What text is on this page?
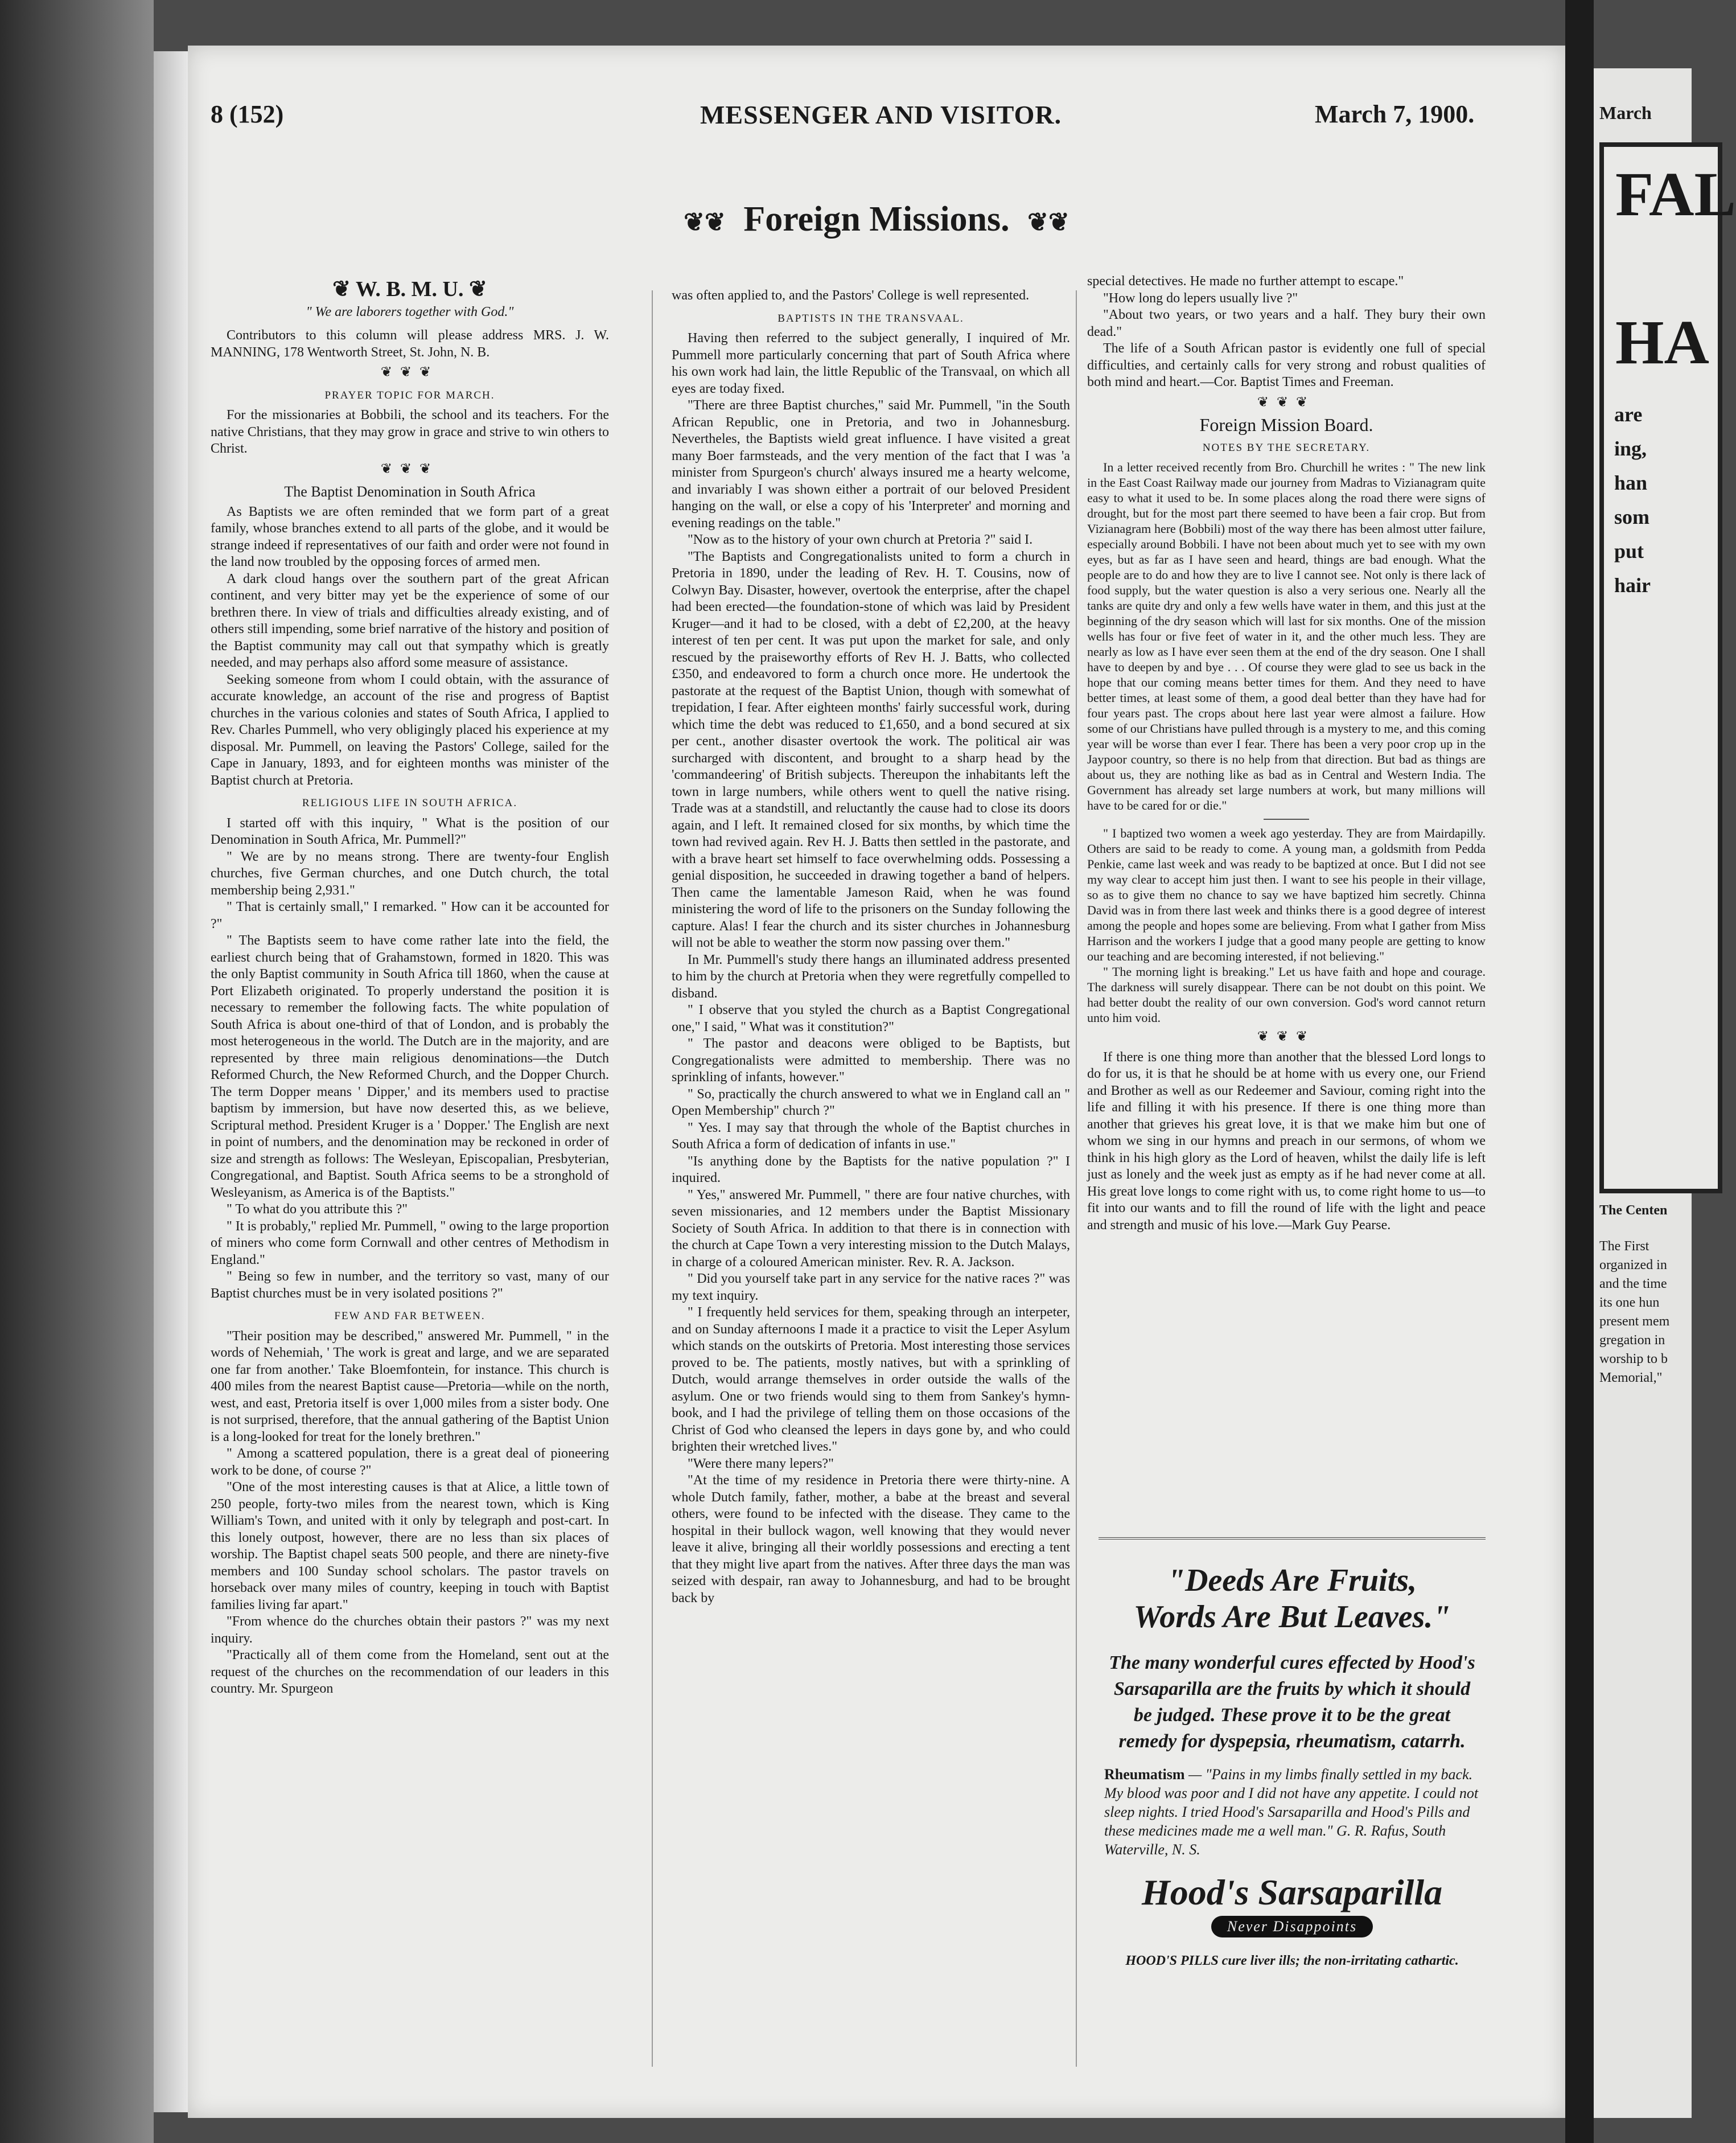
8 (152)	MESSENGER AND VISITOR.	March 7, 1900.
❦❦ Foreign Missions. ❦❦
❦ W. B. M. U. ❦
" We are laborers together with God."

Contributors to this column will please address MRS. J. W. MANNING, 178 Wentworth Street, St. John, N. B.

❦❦❦
PRAYER TOPIC FOR MARCH.

For the missionaries at Bobbili, the school and its teachers. For the native Christians, that they may grow in grace and strive to win others to Christ.

❦❦❦
The Baptist Denomination in South Africa

As Baptists we are often reminded that we form part of a great family, whose branches extend to all parts of the globe, and it would be strange indeed if representatives of our faith and order were not found in the land now troubled by the opposing forces of armed men.

A dark cloud hangs over the southern part of the great African continent, and very bitter may yet be the experience of some of our brethren there. In view of trials and difficulties already existing, and of others still impending, some brief narrative of the history and position of the Baptist community may call out that sympathy which is greatly needed, and may perhaps also afford some measure of assistance.

Seeking someone from whom I could obtain, with the assurance of accurate knowledge, an account of the rise and progress of Baptist churches in the various colonies and states of South Africa, I applied to Rev. Charles Pummell, who very obligingly placed his experience at my disposal. Mr. Pummell, on leaving the Pastors' College, sailed for the Cape in January, 1893, and for eighteen months was minister of the Baptist church at Pretoria.

RELIGIOUS LIFE IN SOUTH AFRICA.

I started off with this inquiry, " What is the position of our Denomination in South Africa, Mr. Pummell?"

" We are by no means strong. There are twenty-four English churches, five German churches, and one Dutch church, the total membership being 2,931."

" That is certainly small," I remarked. " How can it be accounted for ?"

" The Baptists seem to have come rather late into the field, the earliest church being that of Grahamstown, formed in 1820. This was the only Baptist community in South Africa till 1860, when the cause at Port Elizabeth originated. To properly understand the position it is necessary to remember the following facts. The white population of South Africa is about one-third of that of London, and is probably the most heterogeneous in the world. The Dutch are in the majority, and are represented by three main religious denominations—the Dutch Reformed Church, the New Reformed Church, and the Dopper Church. The term Dopper means ' Dipper,' and its members used to practise baptism by immersion, but have now deserted this, as we believe, Scriptural method. President Kruger is a ' Dopper.' The English are next in point of numbers, and the denomination may be reckoned in order of size and strength as follows: The Wesleyan, Episcopalian, Presbyterian, Congregational, and Baptist. South Africa seems to be a stronghold of Wesleyanism, as America is of the Baptists."

" To what do you attribute this ?"

" It is probably," replied Mr. Pummell, " owing to the large proportion of miners who come form Cornwall and other centres of Methodism in England."

" Being so few in number, and the territory so vast, many of our Baptist churches must be in very isolated positions ?"

FEW AND FAR BETWEEN.

"Their position may be described," answered Mr. Pummell, " in the words of Nehemiah, ' The work is great and large, and we are separated one far from another.' Take Bloemfontein, for instance. This church is 400 miles from the nearest Baptist cause—Pretoria—while on the north, west, and east, Pretoria itself is over 1,000 miles from a sister body. One is not surprised, therefore, that the annual gathering of the Baptist Union is a long-looked for treat for the lonely brethren."

" Among a scattered population, there is a great deal of pioneering work to be done, of course ?"

"One of the most interesting causes is that at Alice, a little town of 250 people, forty-two miles from the nearest town, which is King William's Town, and united with it only by telegraph and post-cart. In this lonely outpost, however, there are no less than six places of worship. The Baptist chapel seats 500 people, and there are ninety-five members and 100 Sunday school scholars. The pastor travels on horseback over many miles of country, keeping in touch with Baptist families living far apart."

"From whence do the churches obtain their pastors ?" was my next inquiry.

"Practically all of them come from the Homeland, sent out at the request of the churches on the recommendation of our leaders in this country. Mr. Spurgeon

was often applied to, and the Pastors' College is well represented.

BAPTISTS IN THE TRANSVAAL.

Having then referred to the subject generally, I inquired of Mr. Pummell more particularly concerning that part of South Africa where his own work had lain, the little Republic of the Transvaal, on which all eyes are today fixed.

"There are three Baptist churches," said Mr. Pummell, "in the South African Republic, one in Pretoria, and two in Johannesburg. Nevertheles, the Baptists wield great influence. I have visited a great many Boer farmsteads, and the very mention of the fact that I was 'a minister from Spurgeon's church' always insured me a hearty welcome, and invariably I was shown either a portrait of our beloved President hanging on the wall, or else a copy of his 'Interpreter' and morning and evening readings on the table."

"Now as to the history of your own church at Pretoria ?" said I.

"The Baptists and Congregationalists united to form a church in Pretoria in 1890, under the leading of Rev. H. T. Cousins, now of Colwyn Bay. Disaster, however, overtook the enterprise, after the chapel had been erected—the foundation-stone of which was laid by President Kruger—and it had to be closed, with a debt of £2,200, at the heavy interest of ten per cent. It was put upon the market for sale, and only rescued by the praiseworthy efforts of Rev H. J. Batts, who collected £350, and endeavored to form a church once more. He undertook the pastorate at the request of the Baptist Union, though with somewhat of trepidation, I fear. After eighteen months' fairly successful work, during which time the debt was reduced to £1,650, and a bond secured at six per cent., another disaster overtook the work. The political air was surcharged with discontent, and brought to a sharp head by the 'commandeering' of British subjects. Thereupon the inhabitants left the town in large numbers, while others went to quell the native rising. Trade was at a standstill, and reluctantly the cause had to close its doors again, and I left. It remained closed for six months, by which time the town had revived again. Rev H. J. Batts then settled in the pastorate, and with a brave heart set himself to face overwhelming odds. Possessing a genial disposition, he succeeded in drawing together a band of helpers. Then came the lamentable Jameson Raid, when he was found ministering the word of life to the prisoners on the Sunday following the capture. Alas! I fear the church and its sister churches in Johannesburg will not be able to weather the storm now passing over them."

In Mr. Pummell's study there hangs an illuminated address presented to him by the church at Pretoria when they were regretfully compelled to disband.

" I observe that you styled the church as a Baptist Congregational one," I said, " What was it constitution?"

" The pastor and deacons were obliged to be Baptists, but Congregationalists were admitted to membership. There was no sprinkling of infants, however."

" So, practically the church answered to what we in England call an " Open Membership" church ?"

" Yes. I may say that through the whole of the Baptist churches in South Africa a form of dedication of infants in use."

"Is anything done by the Baptists for the native population ?" I inquired.

" Yes," answered Mr. Pummell, " there are four native churches, with seven missionaries, and 12 members under the Baptist Missionary Society of South Africa. In addition to that there is in connection with the church at Cape Town a very interesting mission to the Dutch Malays, in charge of a coloured American minister. Rev. R. A. Jackson.

" Did you yourself take part in any service for the native races ?" was my text inquiry.

" I frequently held services for them, speaking through an interpeter, and on Sunday afternoons I made it a practice to visit the Leper Asylum which stands on the outskirts of Pretoria. Most interesting those services proved to be. The patients, mostly natives, but with a sprinkling of Dutch, would arrange themselves in order outside the walls of the asylum. One or two friends would sing to them from Sankey's hymn-book, and I had the privilege of telling them on those occasions of the Christ of God who cleansed the lepers in days gone by, and who could brighten their wretched lives."

"Were there many lepers?"

"At the time of my residence in Pretoria there were thirty-nine. A whole Dutch family, father, mother, a babe at the breast and several others, were found to be infected with the disease. They came to the hospital in their bullock wagon, well knowing that they would never leave it alive, bringing all their worldly possessions and erecting a tent that they might live apart from the natives. After three days the man was seized with despair, ran away to Johannesburg, and had to be brought back by

special detectives. He made no further attempt to escape."

"How long do lepers usually live ?"

"About two years, or two years and a half. They bury their own dead."

The life of a South African pastor is evidently one full of special difficulties, and certainly calls for very strong and robust qualities of both mind and heart.—Cor. Baptist Times and Freeman.

❦❦❦
Foreign Mission Board.
NOTES BY THE SECRETARY.

In a letter received recently from Bro. Churchill he writes : " The new link in the East Coast Railway made our journey from Madras to Vizianagram quite easy to what it used to be. In some places along the road there were signs of drought, but for the most part there seemed to have been a fair crop. But from Vizianagram here (Bobbili) most of the way there has been almost utter failure, especially around Bobbili. I have not been about much yet to see with my own eyes, but as far as I have seen and heard, things are bad enough. What the people are to do and how they are to live I cannot see. Not only is there lack of food supply, but the water question is also a very serious one. Nearly all the tanks are quite dry and only a few wells have water in them, and this just at the beginning of the dry season which will last for six months. One of the mission wells has four or five feet of water in it, and the other much less. They are nearly as low as I have ever seen them at the end of the dry season. One I shall have to deepen by and bye . . . Of course they were glad to see us back in the hope that our coming means better times for them. And they need to have better times, at least some of them, a good deal better than they have had for four years past. The crops about here last year were almost a failure. How some of our Christians have pulled through is a mystery to me, and this coming year will be worse than ever I fear. There has been a very poor crop up in the Jaypoor country, so there is no help from that direction. But bad as things are about us, they are nothing like as bad as in Central and Western India. The Government has already set large numbers at work, but many millions will have to be cared for or die."

" I baptized two women a week ago yesterday. They are from Mairdapilly. Others are said to be ready to come. A young man, a goldsmith from Pedda Penkie, came last week and was ready to be baptized at once. But I did not see my way clear to accept him just then. I want to see his people in their village, so as to give them no chance to say we have baptized him secretly. Chinna David was in from there last week and thinks there is a good degree of interest among the people and hopes some are believing. From what I gather from Miss Harrison and the workers I judge that a good many people are getting to know our teaching and are becoming interested, if not believing."

" The morning light is breaking." Let us have faith and hope and courage. The darkness will surely disappear. There can be not doubt on this point. We had better doubt the reality of our own conversion. God's word cannot return unto him void.

❦❦❦

If there is one thing more than another that the blessed Lord longs to do for us, it is that he should be at home with us every one, our Friend and Brother as well as our Redeemer and Saviour, coming right into the life and filling it with his presence. If there is one thing more than another that grieves his great love, it is that we make him but one of whom we sing in our hymns and preach in our sermons, of whom we think in his high glory as the Lord of heaven, whilst the daily life is left just as lonely and the week just as empty as if he had never come at all. His great love longs to come right with us, to come right home to us—to fit into our wants and to fill the round of life with the light and peace and strength and music of his love.—Mark Guy Pearse.

"Deeds Are Fruits,
Words Are But Leaves."
The many wonderful cures effected by Hood's Sarsaparilla are the fruits by which it should be judged. These prove it to be the great remedy for dyspepsia, rheumatism, catarrh.
Rheumatism — "Pains in my limbs finally settled in my back. My blood was poor and I did not have any appetite. I could not sleep nights. I tried Hood's Sarsaparilla and Hood's Pills and these medicines made me a well man." G. R. Rafus, South Waterville, N. S.
Hood's Sarsaparilla
Never Disappoints
HOOD'S PILLS cure liver ills; the non-irritating cathartic.
March
FAL
HA
are
ing,
han
som
put
hair
The Centen
The First
organized in
and the time
its one hun
present mem
gregation in
worship to b
Memorial,"
